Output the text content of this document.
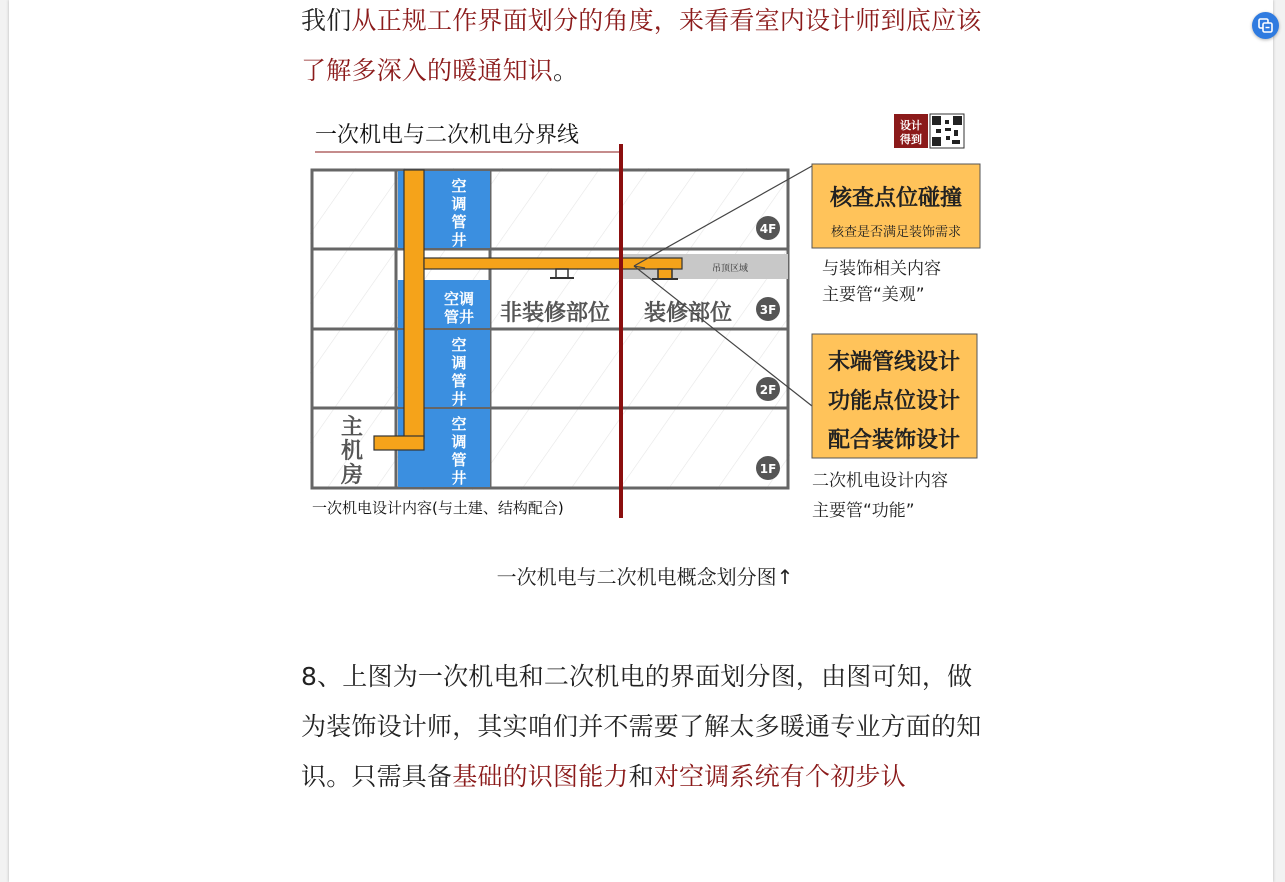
我们从正规工作界面划分的角度，来看看室内设计师到底应该了解多深入的暖通知识。
一次机电与二次机电分界线	设计
得到
吊顶区域
空
调
管
井
空调
管井
空
调
管
井
空
调
管
井
非装修部位 装修部位
主
机
房
4F
3F
2F
1F
一次机电设计内容(与土建、结构配合)
核查点位碰撞
核查是否满足装饰需求
与装饰相关内容
主要管“美观”
末端管线设计
功能点位设计
配合装饰设计
二次机电设计内容
主要管“功能”
一次机电与二次机电概念划分图↑
8、上图为一次机电和二次机电的界面划分图，由图可知，做为装饰设计师，其实咱们并不需要了解太多暖通专业方面的知识。只需具备基础的识图能力和对空调系统有个初步认
